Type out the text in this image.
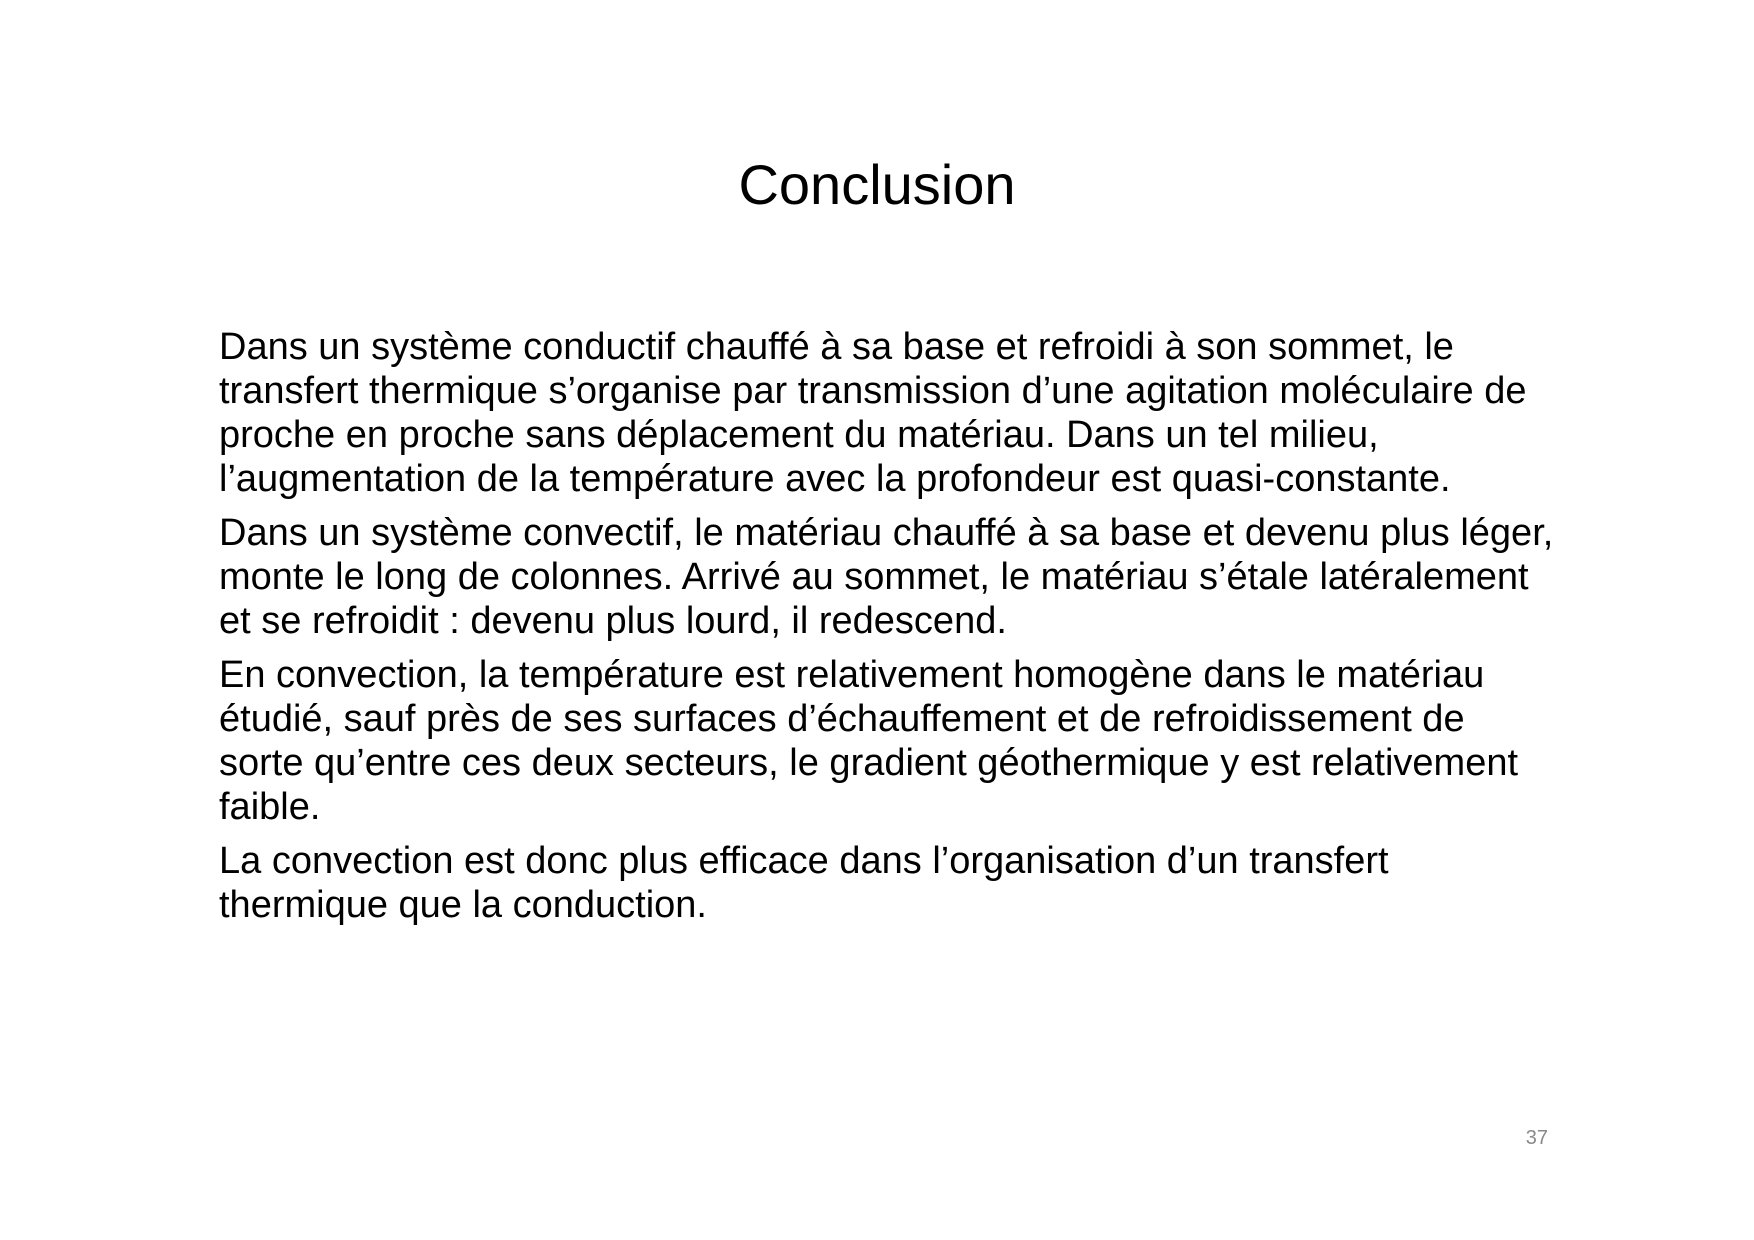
Conclusion
Dans un système conductif chauffé à sa base et refroidi à son sommet, le transfert thermique s’organise par transmission d’une agitation moléculaire de proche en proche sans déplacement du matériau. Dans un tel milieu, l’augmentation de la température avec la profondeur est quasi-constante.
Dans un système convectif, le matériau chauffé à sa base et devenu plus léger, monte le long de colonnes. Arrivé au sommet, le matériau s’étale latéralement et se refroidit : devenu plus lourd, il redescend.
En convection, la température est relativement homogène dans le matériau étudié, sauf près de ses surfaces d’échauffement et de refroidissement de sorte qu’entre ces deux secteurs, le gradient géothermique y est relativement faible.
La convection est donc plus efficace dans l’organisation d’un transfert thermique que la conduction.
37
